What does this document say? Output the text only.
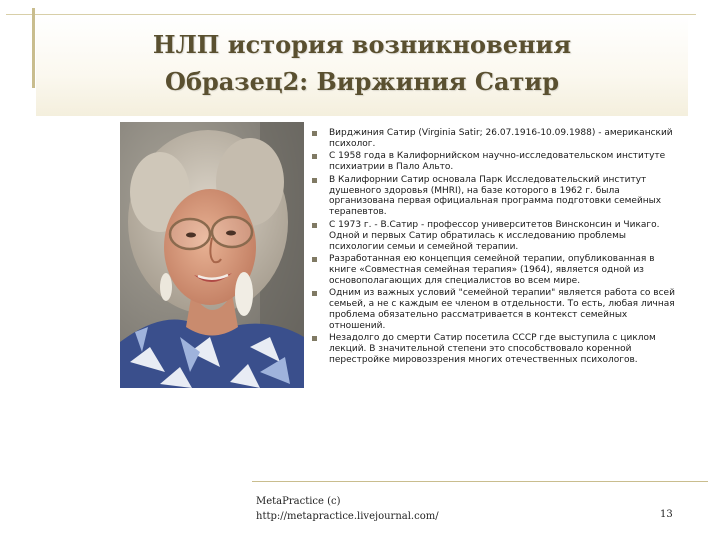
НЛП история возникновения
Образец2: Виржиния Сатир
Вирджиния Сатир (Virginia Satir; 26.07.1916-10.09.1988) - американский психолог.
С 1958 года в Калифорнийском научно-исследовательском институте психиатрии в Пало Альто.
В Калифорнии Сатир основала Парк Исследовательский институт душевного здоровья (MHRI), на базе которого в 1962 г. была организована первая официальная программа подготовки семейных терапевтов.
С 1973 г. - В.Сатир - профессор университетов Винсконсин и Чикаго. Одной и первых Сатир обратилась к исследованию проблемы психологии семьи и семейной терапии.
Разработанная ею концепция семейной терапии, опубликованная в книге «Совместная семейная терапия» (1964), является одной из основополагающих для специалистов во всем мире.
Одним из важных условий "семейной терапии" является работа со всей семьей, а не с каждым ее членом в отдельности. То есть, любая личная проблема обязательно рассматривается в контекст семейных отношений.
Незадолго до смерти Сатир посетила СССР где выступила с циклом лекций. В значительной степени это способствовало коренной перестройке мировоззрения многих отечественных психологов.
MetaPractice (c)
http://metapractice.livejournal.com/	13
